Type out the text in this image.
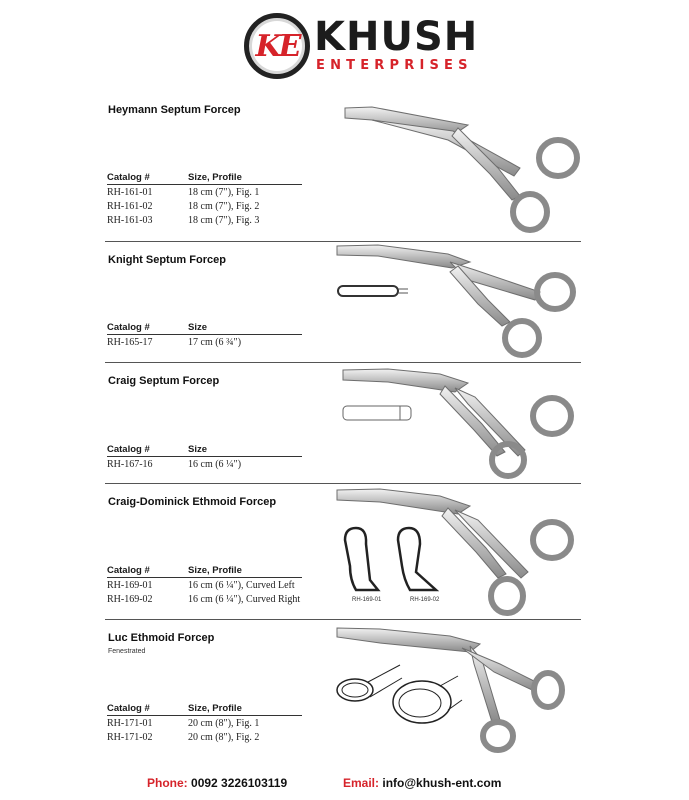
KE KHUSH
ENTERPRISES
Heymann Septum Forcep
Catalog #	Size, Profile
RH-161-01	18 cm (7″), Fig. 1
RH-161-02	18 cm (7″), Fig. 2
RH-161-03	18 cm (7″), Fig. 3
Knight Septum Forcep
Catalog #	Size
RH-165-17	17 cm (6 ¾″)
Craig Septum Forcep
Catalog #	Size
RH-167-16	16 cm (6 ¼″)
Craig-Dominick Ethmoid Forcep
Catalog #	Size, Profile
RH-169-01	16 cm (6 ¼″), Curved Left
RH-169-02	16 cm (6 ¼″), Curved Right
Luc Ethmoid Forcep
Fenestrated
Catalog #	Size, Profile
RH-171-01	20 cm (8″), Fig. 1
RH-171-02	20 cm (8″), Fig. 2
RH-169-01	RH-169-02
Phone: 0092 3226103119	Email: info@khush-ent.com
